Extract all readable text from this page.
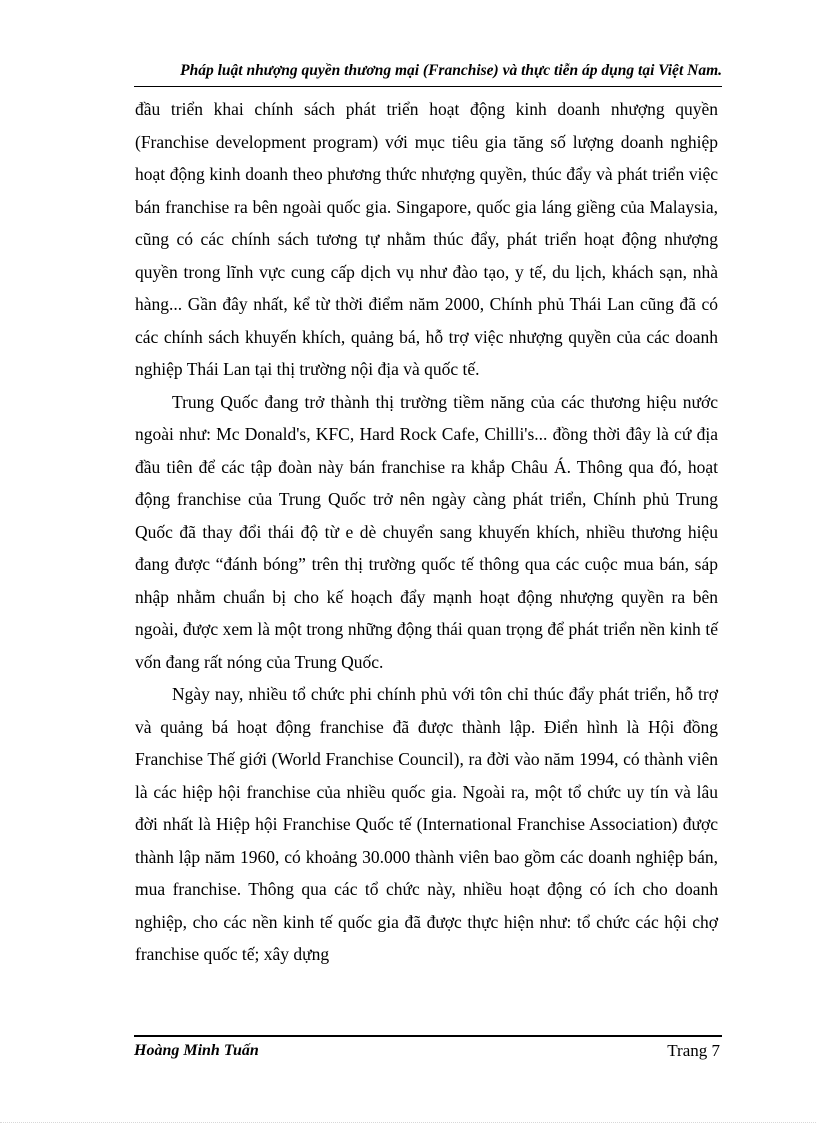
Pháp luật nhượng quyền thương mại (Franchise) và thực tiễn áp dụng tại Việt Nam.

đầu triển khai chính sách phát triển hoạt động kinh doanh nhượng quyền (Franchise development program) với mục tiêu gia tăng số lượng doanh nghiệp hoạt động kinh doanh theo phương thức nhượng quyền, thúc đẩy và phát triển việc bán franchise ra bên ngoài quốc gia. Singapore, quốc gia láng giềng của Malaysia, cũng có các chính sách tương tự nhằm thúc đẩy, phát triển hoạt động nhượng quyền trong lĩnh vực cung cấp dịch vụ như đào tạo, y tế, du lịch, khách sạn, nhà hàng... Gần đây nhất, kể từ thời điểm năm 2000, Chính phủ Thái Lan cũng đã có các chính sách khuyến khích, quảng bá, hỗ trợ việc nhượng quyền của các doanh nghiệp Thái Lan tại thị trường nội địa và quốc tế.

Trung Quốc đang trở thành thị trường tiềm năng của các thương hiệu nước ngoài như: Mc Donald's, KFC, Hard Rock Cafe, Chilli's... đồng thời đây là cứ địa đầu tiên để các tập đoàn này bán franchise ra khắp Châu Á. Thông qua đó, hoạt động franchise của Trung Quốc trở nên ngày càng phát triển, Chính phủ Trung Quốc đã thay đổi thái độ từ e dè chuyển sang khuyến khích, nhiều thương hiệu đang được “đánh bóng” trên thị trường quốc tế thông qua các cuộc mua bán, sáp nhập nhằm chuẩn bị cho kế hoạch đẩy mạnh hoạt động nhượng quyền ra bên ngoài, được xem là một trong những động thái quan trọng để phát triển nền kinh tế vốn đang rất nóng của Trung Quốc.

Ngày nay, nhiều tổ chức phi chính phủ với tôn chỉ thúc đẩy phát triển, hỗ trợ và quảng bá hoạt động franchise đã được thành lập. Điển hình là Hội đồng Franchise Thế giới (World Franchise Council), ra đời vào năm 1994, có thành viên là các hiệp hội franchise của nhiều quốc gia. Ngoài ra, một tổ chức uy tín và lâu đời nhất là Hiệp hội Franchise Quốc tế (International Franchise Association) được thành lập năm 1960, có khoảng 30.000 thành viên bao gồm các doanh nghiệp bán, mua franchise. Thông qua các tổ chức này, nhiều hoạt động có ích cho doanh nghiệp, cho các nền kinh tế quốc gia đã được thực hiện như: tổ chức các hội chợ franchise quốc tế; xây dựng

Hoàng Minh Tuấn	Trang 7
